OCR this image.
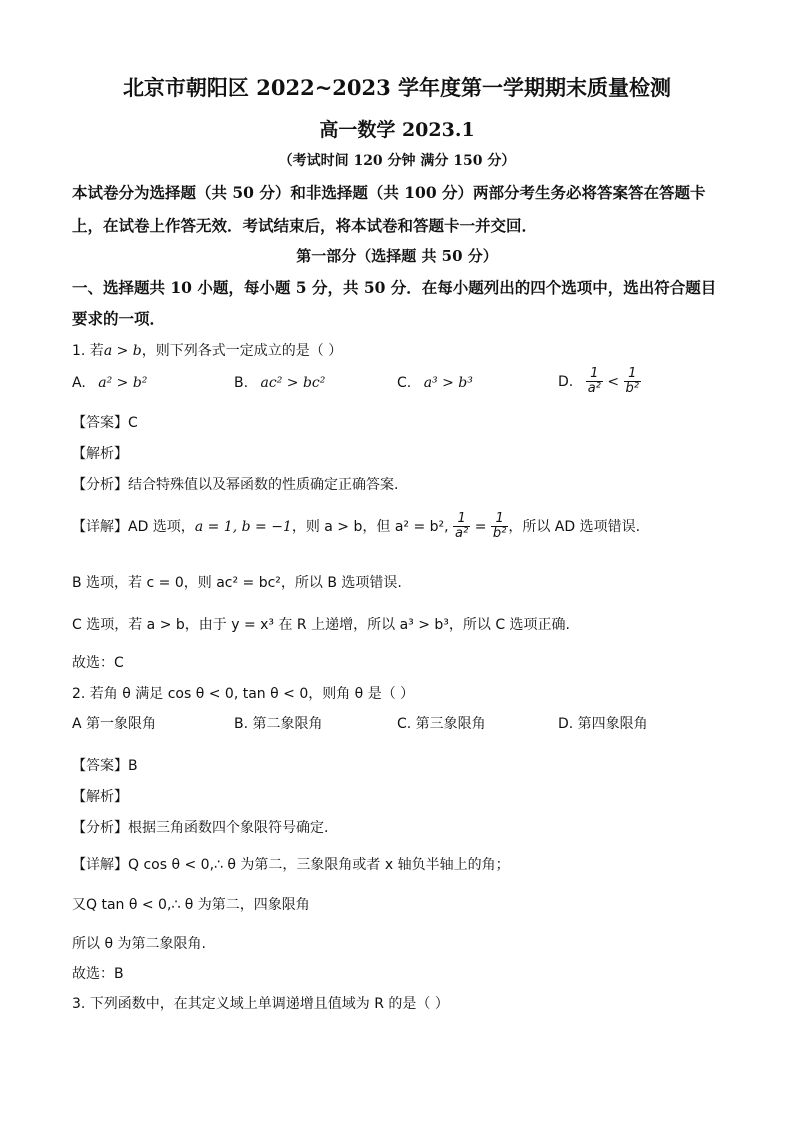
北京市朝阳区 2022~2023 学年度第一学期期末质量检测
高一数学 2023.1
（考试时间 120 分钟 满分 150 分）
本试卷分为选择题（共 50 分）和非选择题（共 100 分）两部分考生务必将答案答在答题卡
上，在试卷上作答无效．考试结束后，将本试卷和答题卡一并交回．
第一部分（选择题 共 50 分）
一、选择题共 10 小题，每小题 5 分，共 50 分．在每小题列出的四个选项中，选出符合题目
要求的一项．
1. 若a > b，则下列各式一定成立的是（ ）
A. a² > b²	B. ac² > bc²	C. a³ > b³	D. $\frac{1}{\text{a²}} < \frac{1}{\text{b²}}$
【答案】C
【解析】
【分析】结合特殊值以及幂函数的性质确定正确答案.
【详解】AD 选项，a = 1, b = −1，则 a > b，但 a² = b², $\frac{1}{\text{a²}} = \frac{1}{\text{b²}}$ ，所以 AD 选项错误.
B 选项，若 c = 0，则 ac² = bc²，所以 B 选项错误.
C 选项，若 a > b，由于 y = x³ 在 R 上递增，所以 a³ > b³，所以 C 选项正确.
故选：C
2. 若角 θ 满足 cos θ < 0, tan θ < 0，则角 θ 是（ ）
A 第一象限角	B. 第二象限角	C. 第三象限角	D. 第四象限角
【答案】B
【解析】
【分析】根据三角函数四个象限符号确定.
【详解】Q cos θ < 0,∴ θ 为第二，三象限角或者 x 轴负半轴上的角；
又Q tan θ < 0,∴ θ 为第二，四象限角
所以 θ 为第二象限角.
故选：B
3. 下列函数中，在其定义域上单调递增且值域为 R 的是（ ）
